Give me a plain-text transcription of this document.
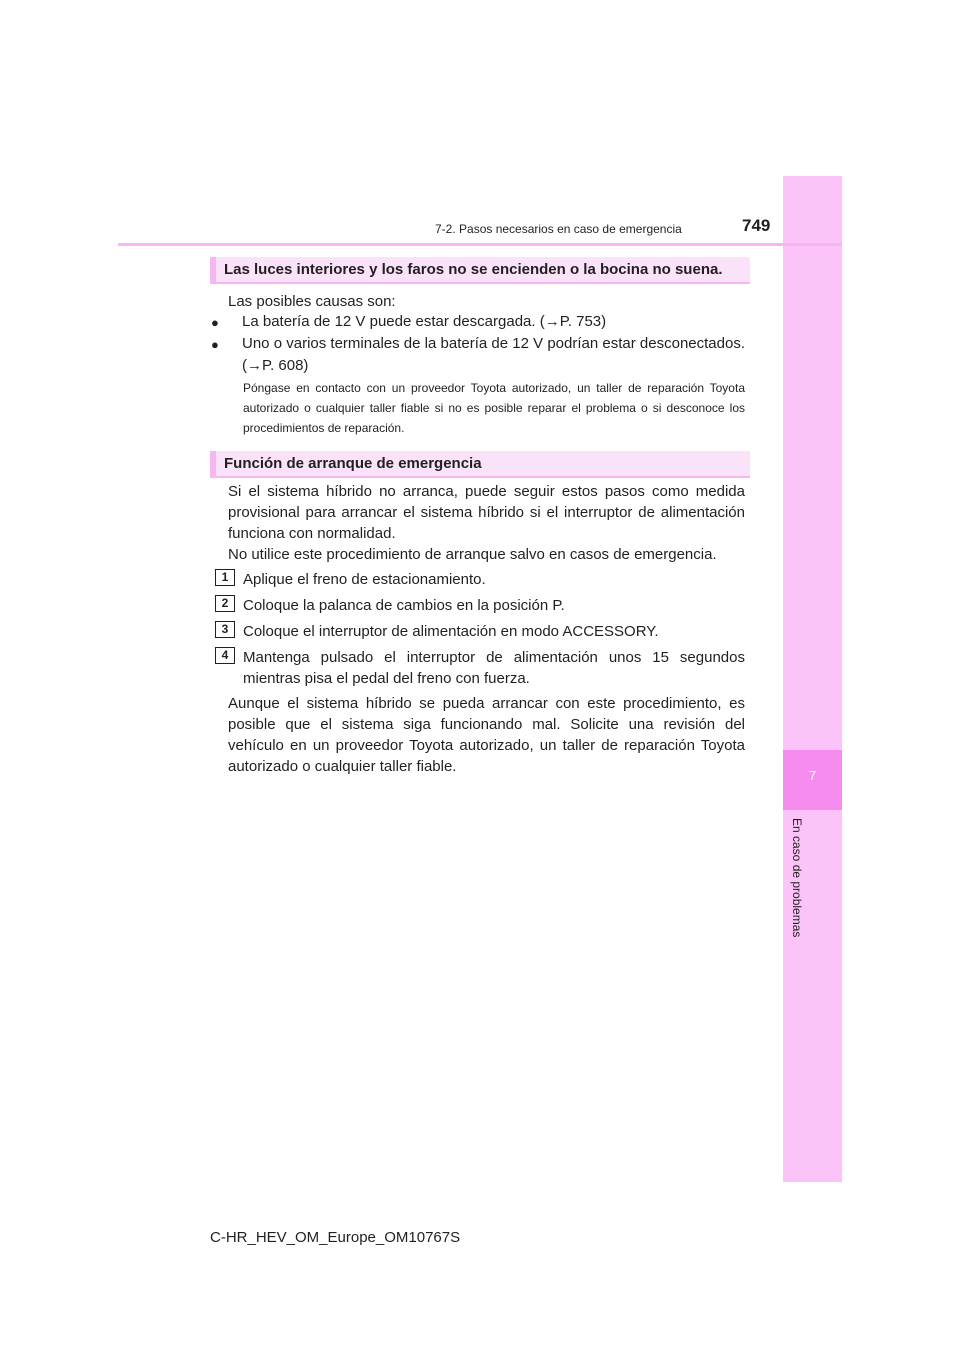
7
En caso de problemas
7-2. Pasos necesarios en caso de emergencia	749
Las luces interiores y los faros no se encienden o la bocina no suena.
Las posibles causas son:
● La batería de 12 V puede estar descargada. (→P. 753)
● Uno o varios terminales de la batería de 12 V podrían estar desconectados. (→P. 608)
Póngase en contacto con un proveedor Toyota autorizado, un taller de reparación Toyota autorizado o cualquier taller fiable si no es posible reparar el problema o si desconoce los procedimientos de reparación.
Función de arranque de emergencia
Si el sistema híbrido no arranca, puede seguir estos pasos como medida provisional para arrancar el sistema híbrido si el interruptor de alimentación funciona con normalidad.
No utilice este procedimiento de arranque salvo en casos de emergencia.
1 Aplique el freno de estacionamiento.
2 Coloque la palanca de cambios en la posición P.
3 Coloque el interruptor de alimentación en modo ACCESSORY.
4 Mantenga pulsado el interruptor de alimentación unos 15 segundos mientras pisa el pedal del freno con fuerza.
Aunque el sistema híbrido se pueda arrancar con este procedimiento, es posible que el sistema siga funcionando mal. Solicite una revisión del vehículo en un proveedor Toyota autorizado, un taller de reparación Toyota autorizado o cualquier taller fiable.
C-HR_HEV_OM_Europe_OM10767S
